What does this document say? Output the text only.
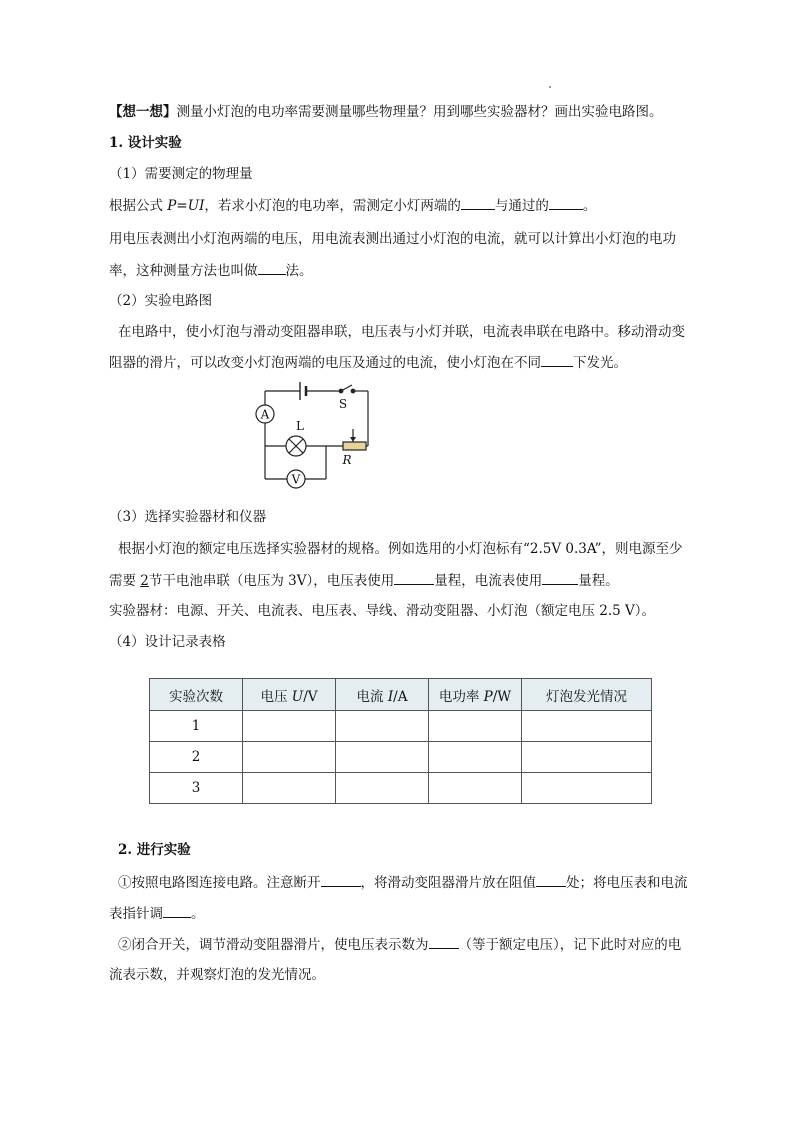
【想一想】测量小灯泡的电功率需要测量哪些物理量？用到哪些实验器材？画出实验电路图。
1. 设计实验
（1）需要测定的物理量
根据公式 P=UI，若求小灯泡的电功率，需测定小灯两端的	与通过的	。
用电压表测出小灯泡两端的电压，用电流表测出通过小灯泡的电流，就可以计算出小灯泡的电功
率，这种测量方法也叫做 法。
（2）实验电路图
在电路中，使小灯泡与滑动变阻器串联，电压表与小灯并联，电流表串联在电路中。移动滑动变
阻器的滑片，可以改变小灯泡两端的电压及通过的电流，使小灯泡在不同 下发光。
A
L
S
R
V
（3）选择实验器材和仪器
根据小灯泡的额定电压选择实验器材的规格。例如选用的小灯泡标有“2.5V 0.3A”，则电源至少
需要 2节干电池串联（电压为 3V），电压表使用	量程，电流表使用	量程。
实验器材：电源、开关、电流表、电压表、导线、滑动变阻器、小灯泡（额定电压 2.5 V）。
（4）设计记录表格
实验次数	电压 U/V	电流 I/A	电功率 P/W	灯泡发光情况
1				
2				
3				
2. 进行实验
①按照电路图连接电路。注意断开	，将滑动变阻器滑片放在阻值 处；将电压表和电流
表指针调 。
②闭合开关，调节滑动变阻器滑片，使电压表示数为 （等于额定电压），记下此时对应的电
流表示数，并观察灯泡的发光情况。
